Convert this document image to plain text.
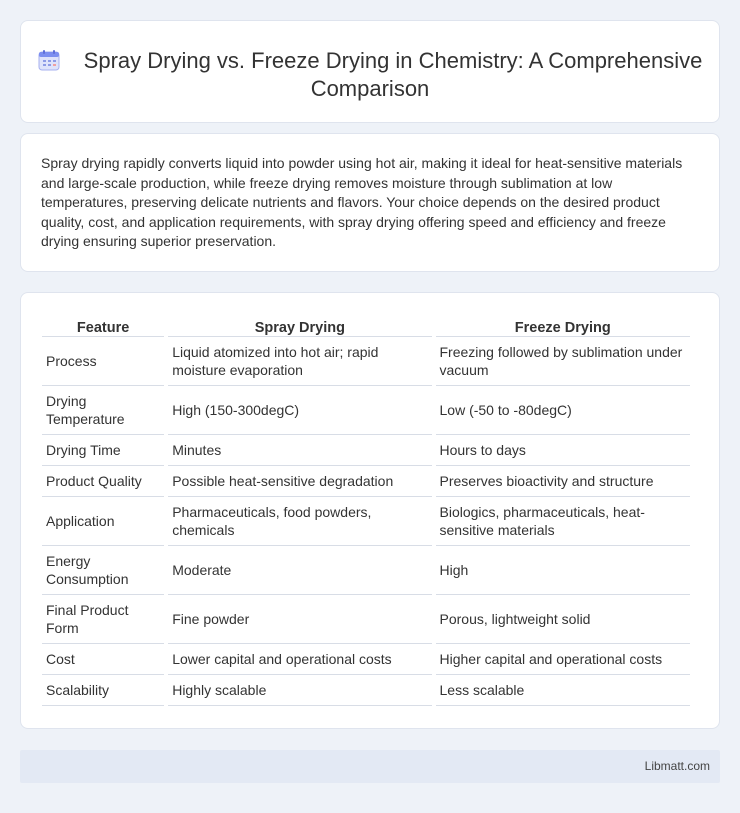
Spray Drying vs. Freeze Drying in Chemistry: A Comprehensive Comparison

Spray drying rapidly converts liquid into powder using hot air, making it ideal for heat-sensitive materials and large-scale production, while freeze drying removes moisture through sublimation at low temperatures, preserving delicate nutrients and flavors. Your choice depends on the desired product quality, cost, and application requirements, with spray drying offering speed and efficiency and freeze drying ensuring superior preservation.

Feature	Spray Drying	Freeze Drying
Process	Liquid atomized into hot air; rapid moisture evaporation	Freezing followed by sublimation under vacuum
Drying Temperature	High (150-300degC)	Low (-50 to -80degC)
Drying Time	Minutes	Hours to days
Product Quality	Possible heat-sensitive degradation	Preserves bioactivity and structure
Application	Pharmaceuticals, food powders, chemicals	Biologics, pharmaceuticals, heat-sensitive materials
Energy Consumption	Moderate	High
Final Product Form	Fine powder	Porous, lightweight solid
Cost	Lower capital and operational costs	Higher capital and operational costs
Scalability	Highly scalable	Less scalable
Libmatt.com
